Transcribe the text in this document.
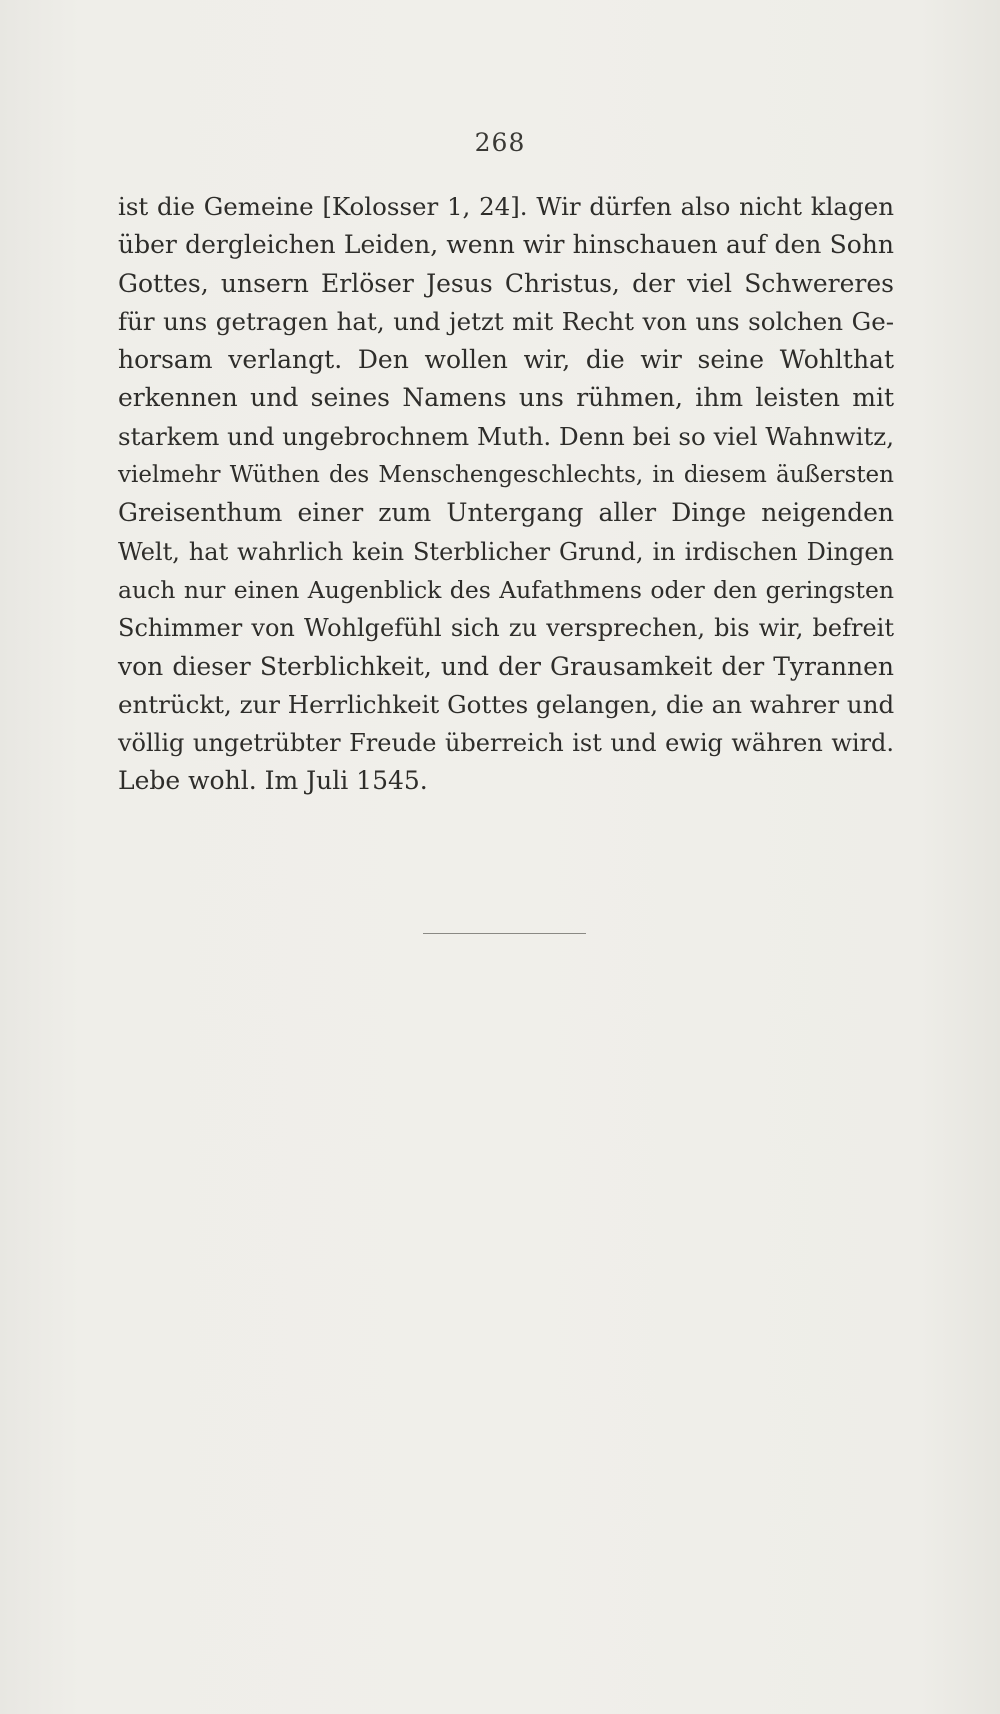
268
ist die Gemeine [Kolosser 1, 24]. Wir dürfen also nicht klagen
über dergleichen Leiden, wenn wir hinschauen auf den Sohn
Gottes, unsern Erlöser Jesus Christus, der viel Schwereres
für uns getragen hat, und jetzt mit Recht von uns solchen Ge-
horsam verlangt. Den wollen wir, die wir seine Wohlthat
erkennen und seines Namens uns rühmen, ihm leisten mit
starkem und ungebrochnem Muth. Denn bei so viel Wahnwitz,
vielmehr Wüthen des Menschengeschlechts, in diesem äußersten
Greisenthum einer zum Untergang aller Dinge neigenden
Welt, hat wahrlich kein Sterblicher Grund, in irdischen Dingen
auch nur einen Augenblick des Aufathmens oder den geringsten
Schimmer von Wohlgefühl sich zu versprechen, bis wir, befreit
von dieser Sterblichkeit, und der Grausamkeit der Tyrannen
entrückt, zur Herrlichkeit Gottes gelangen, die an wahrer und
völlig ungetrübter Freude überreich ist und ewig währen wird.
Lebe wohl. Im Juli 1545.
